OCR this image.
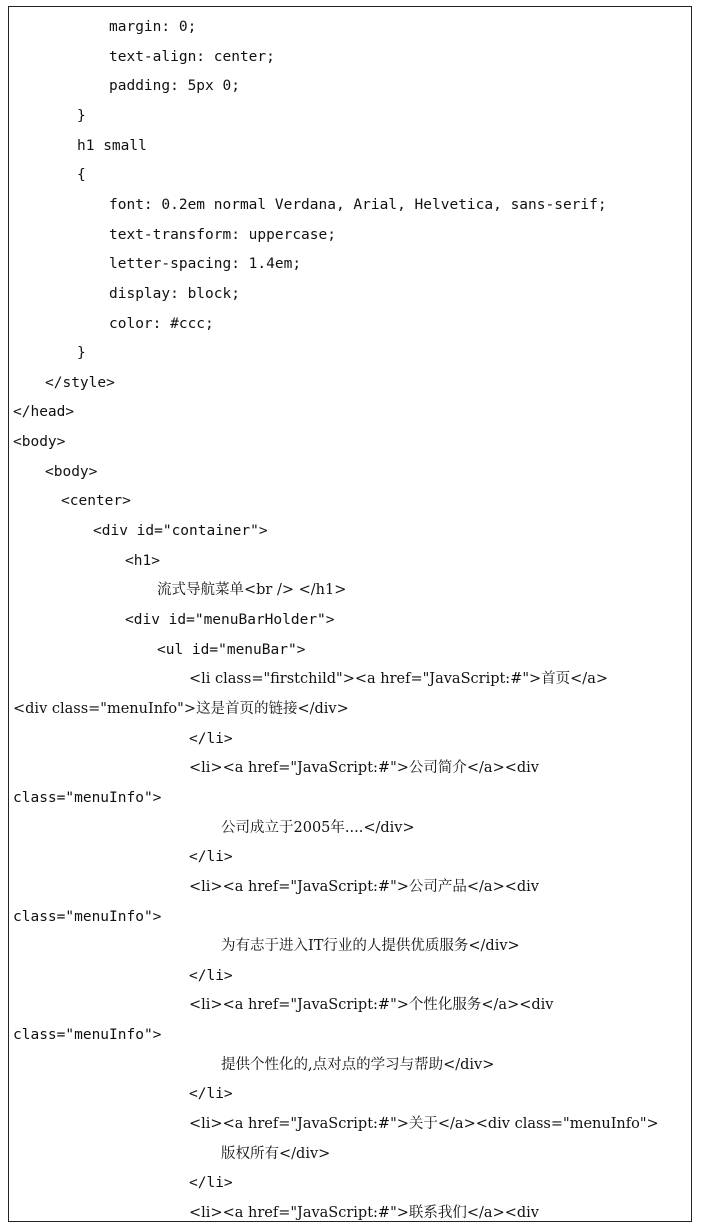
margin: 0;
text-align: center;
padding: 5px 0;
}
h1 small
{
font: 0.2em normal Verdana, Arial, Helvetica, sans-serif;
text-transform: uppercase;
letter-spacing: 1.4em;
display: block;
color: #ccc;
}
</style>
</head>
<body>
<body>
<center>
<div id="container">
<h1>
流式导航菜单<br /> </h1>
<div id="menuBarHolder">
<ul id="menuBar">
<li class="firstchild"><a href="JavaScript:#">首页</a>
<div class="menuInfo">这是首页的链接</div>
</li>
<li><a href="JavaScript:#">公司简介</a><div
class="menuInfo">
公司成立于2005年....</div>
</li>
<li><a href="JavaScript:#">公司产品</a><div
class="menuInfo">
为有志于进入IT行业的人提供优质服务</div>
</li>
<li><a href="JavaScript:#">个性化服务</a><div
class="menuInfo">
提供个性化的,点对点的学习与帮助</div>
</li>
<li><a href="JavaScript:#">关于</a><div class="menuInfo">
版权所有</div>
</li>
<li><a href="JavaScript:#">联系我们</a><div
